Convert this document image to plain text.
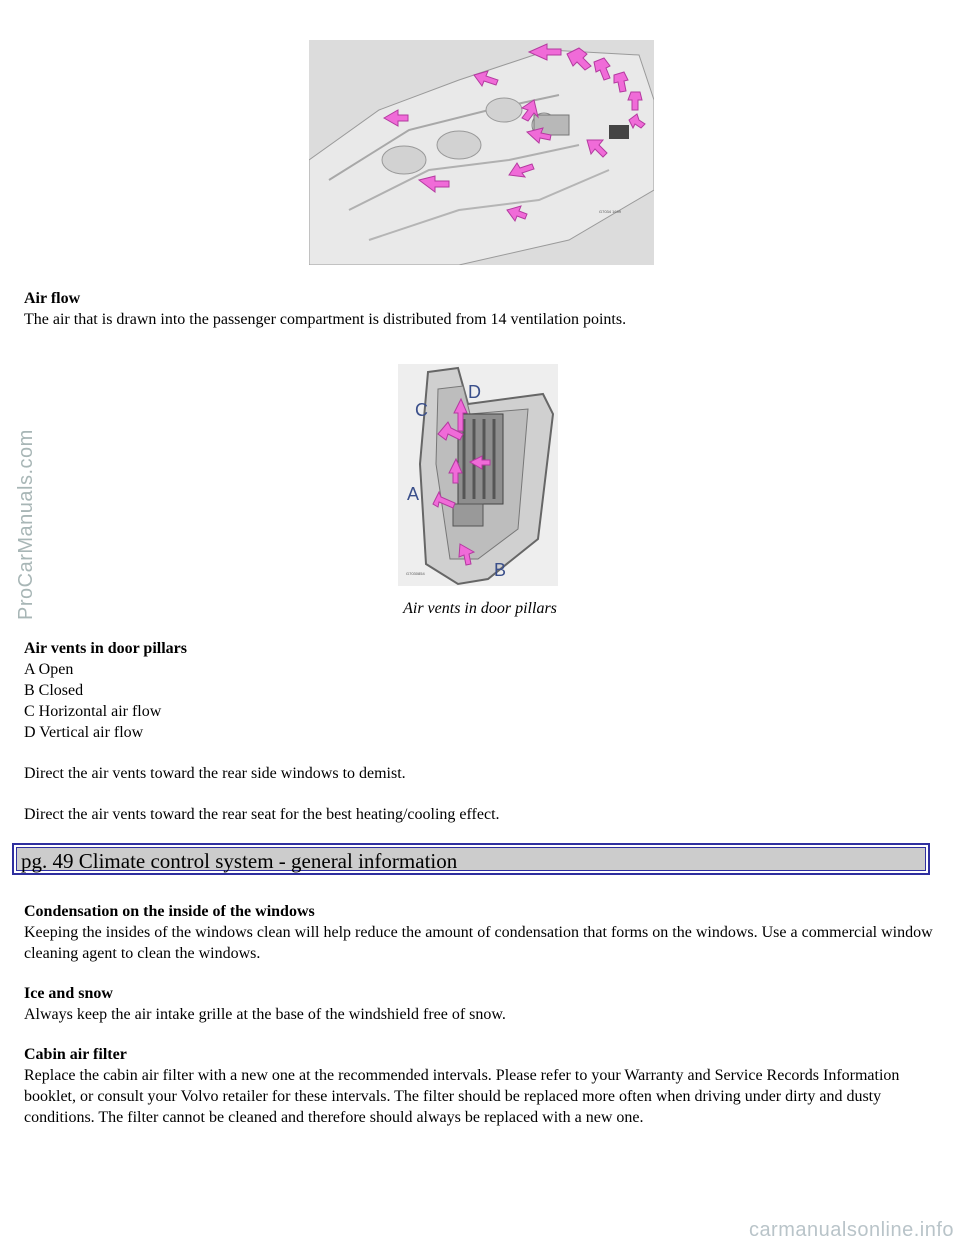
G7034 1699
Air flow
The air that is drawn into the passenger compartment is distributed from 14 ventilation points.
C
D
A
B
G7030854
Air vents in door pillars
Air vents in door pillars
A Open
B Closed
C Horizontal air flow
D Vertical air flow
Direct the air vents toward the rear side windows to demist.
Direct the air vents toward the rear seat for the best heating/cooling effect.
pg. 49 Climate control system - general information
Condensation on the inside of the windows
Keeping the insides of the windows clean will help reduce the amount of condensation that forms on the windows. Use a commercial window cleaning agent to clean the windows.
Ice and snow
Always keep the air intake grille at the base of the windshield free of snow.
Cabin air filter
Replace the cabin air filter with a new one at the recommended intervals. Please refer to your Warranty and Service Records Information booklet, or consult your Volvo retailer for these intervals. The filter should be replaced more often when driving under dirty and dusty conditions. The filter cannot be cleaned and therefore should always be replaced with a new one.
ProCarManuals.com
carmanualsonline.info
